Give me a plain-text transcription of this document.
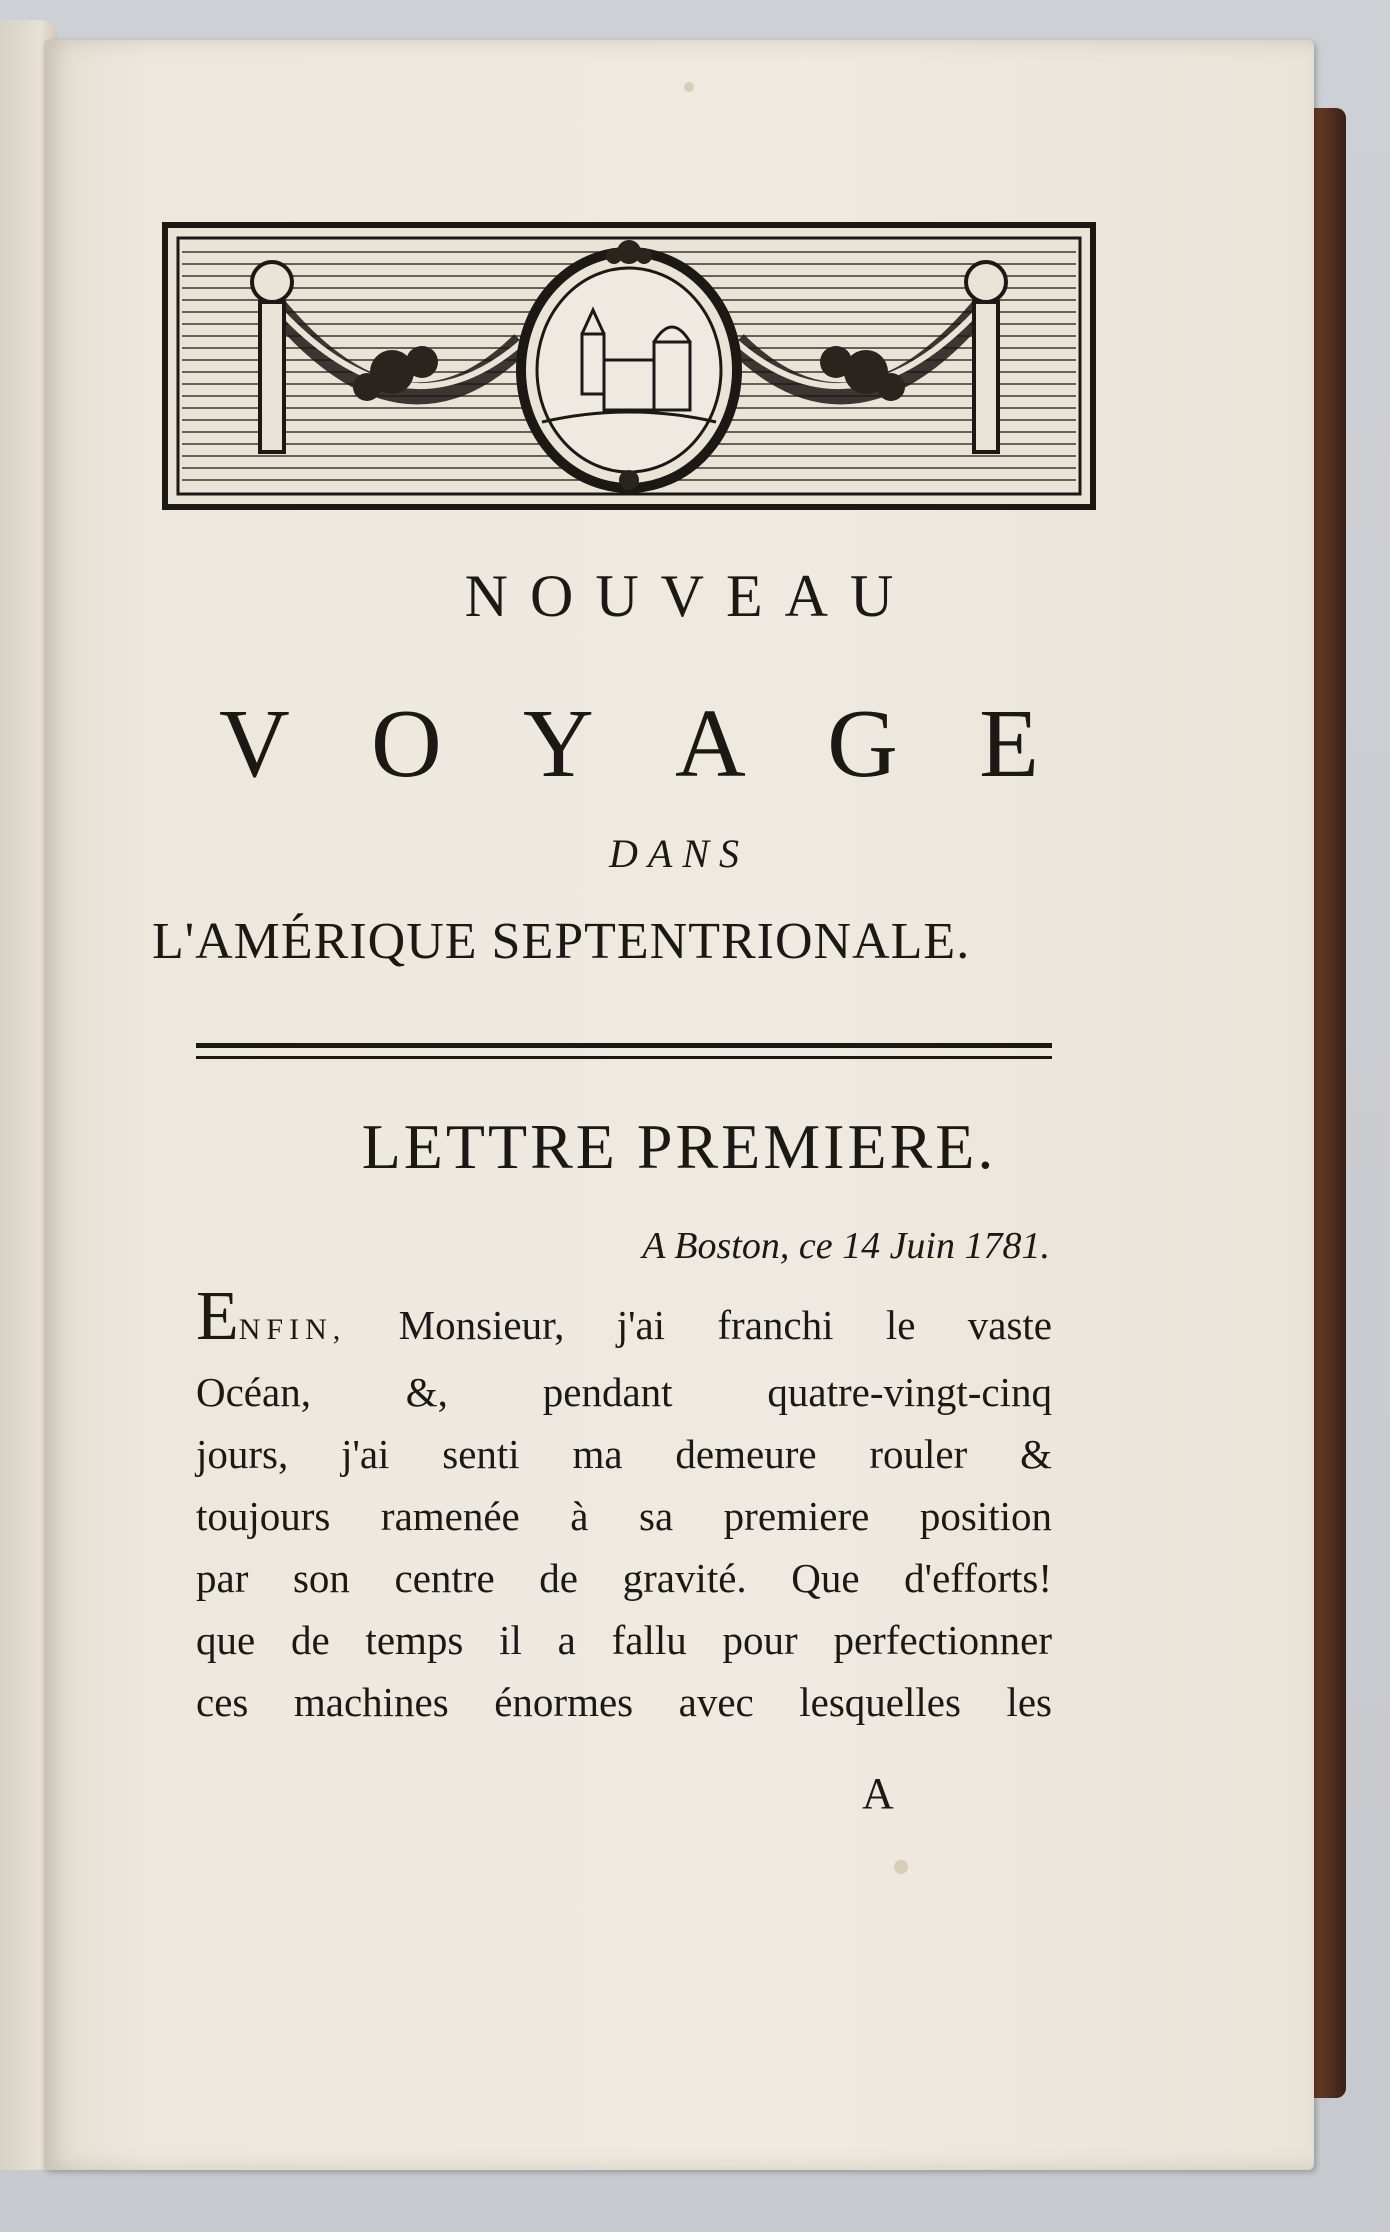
NOUVEAU
V O Y A G E
DANS
L'AMÉRIQUE SEPTENTRIONALE.
LETTRE PREMIERE.
A Boston, ce 14 Juin 1781.
ENFIN, Monsieur, j'ai franchi le vaste
Océan, &, pendant quatre-vingt-cinq
jours, j'ai senti ma demeure rouler &
toujours ramenée à sa premiere position
par son centre de gravité. Que d'efforts!
que de temps il a fallu pour perfectionner
ces machines énormes avec lesquelles les
A
